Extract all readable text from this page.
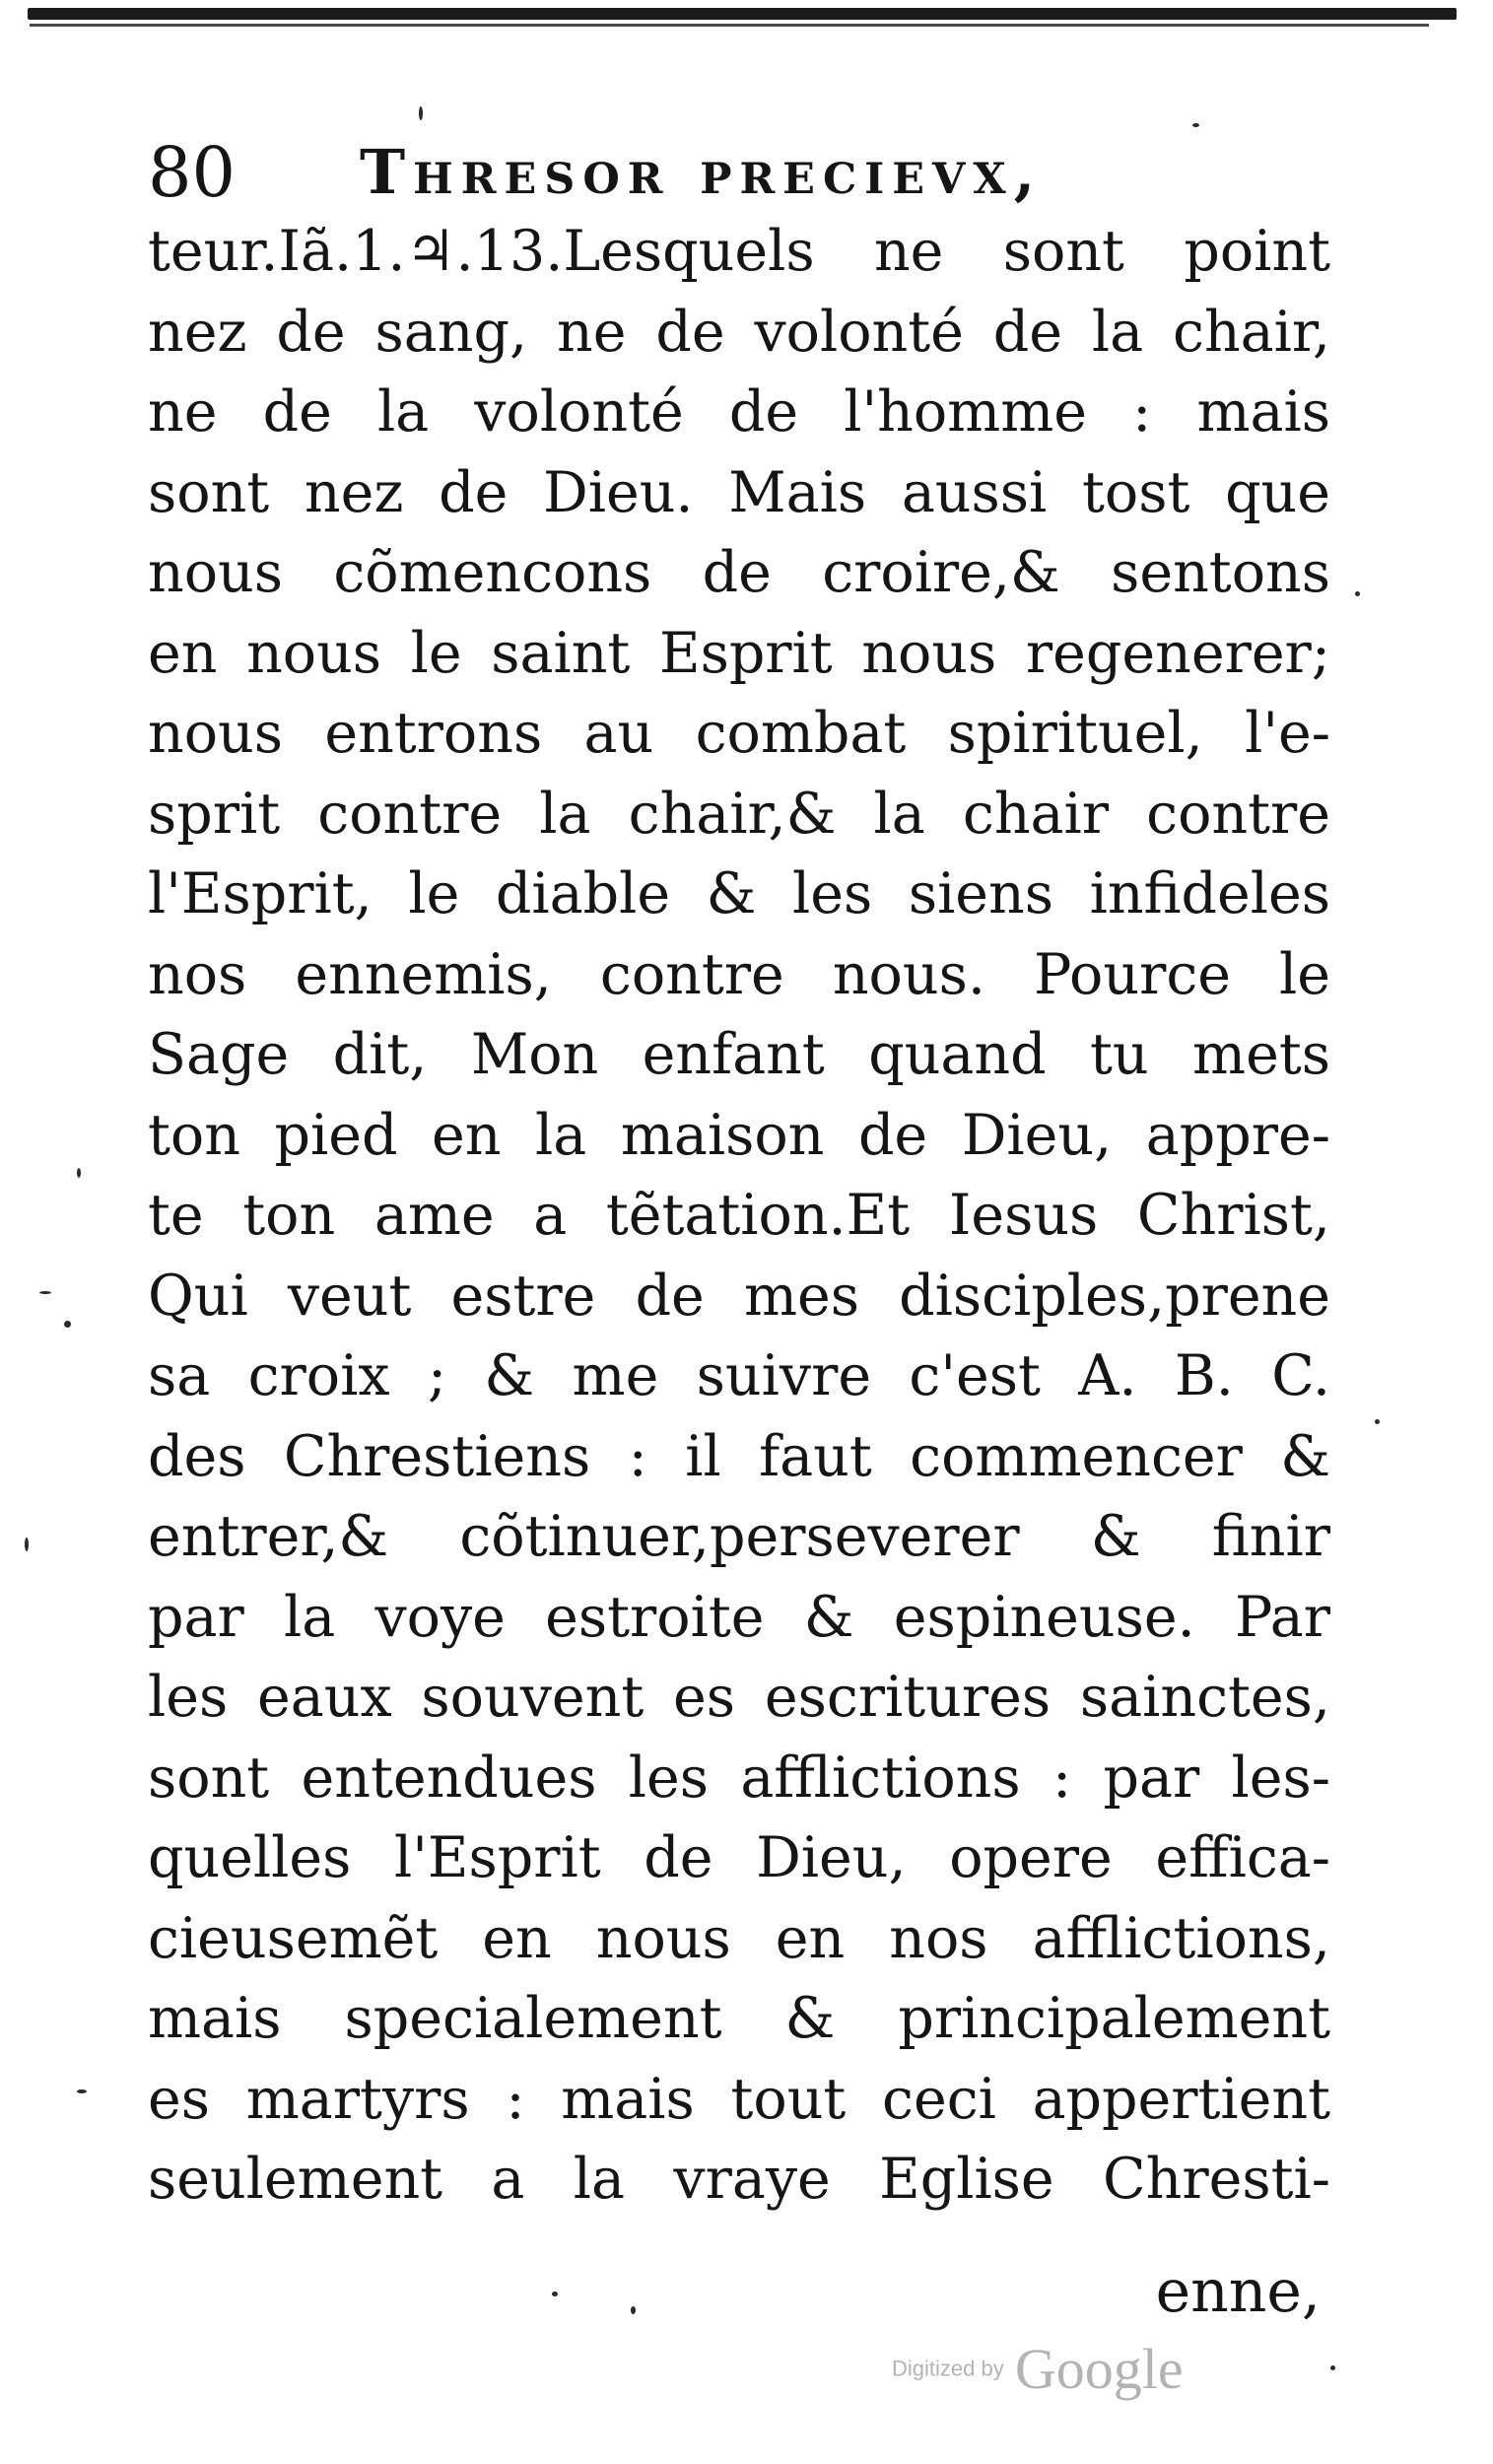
80 Thresor precievx,
teur.Iã.1.♃.13.Lesquels ne sont point
nez de sang, ne de volonté de la chair,
ne de la volonté de l'homme : mais
sont nez de Dieu. Mais aussi tost que
nous cõmencons de croire,& sentons
en nous le saint Esprit nous regenerer;
nous entrons au combat spirituel, l'e-
sprit contre la chair,& la chair contre
l'Esprit, le diable & les siens infideles
nos ennemis, contre nous. Pource le
Sage dit, Mon enfant quand tu mets
ton pied en la maison de Dieu, appre-
te ton ame a tẽtation.Et Iesus Christ,
Qui veut estre de mes disciples,prene
sa croix ; & me suivre c'est A. B. C.
des Chrestiens : il faut commencer &
entrer,& cõtinuer,perseverer & finir
par la voye estroite & espineuse. Par
les eaux souvent es escritures sainctes,
sont entendues les afflictions : par les-
quelles l'Esprit de Dieu, opere effica-
cieusemẽt en nous en nos afflictions,
mais specialement & principalement
es martyrs : mais tout ceci appertient
seulement a la vraye Eglise Chresti-
enne,
Digitized by Google
